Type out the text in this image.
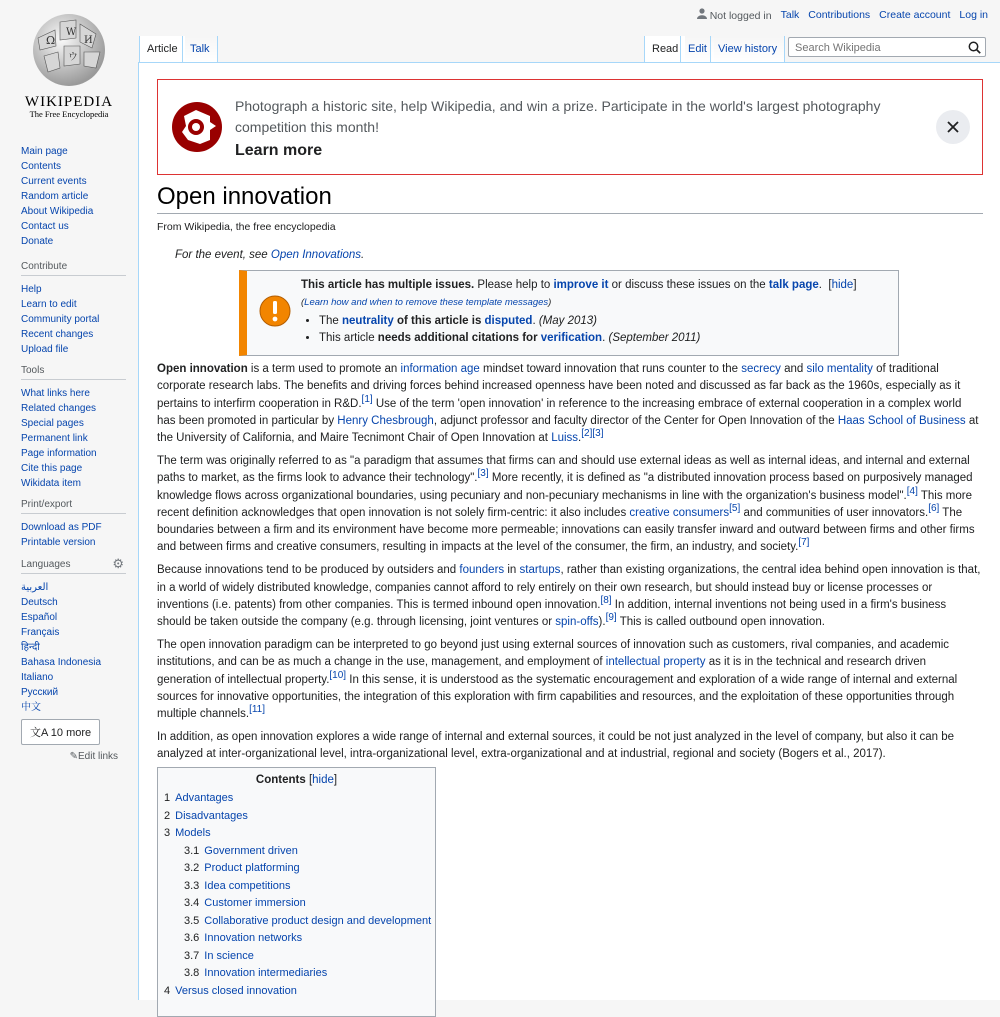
Ω
W
И
ウ
WIKIPEDIA
The Free Encyclopedia
Main page
Contents
Current events
Random article
About Wikipedia
Contact us
Donate
Contribute
Help
Learn to edit
Community portal
Recent changes
Upload file
Tools
What links here
Related changes
Special pages
Permanent link
Page information
Cite this page
Wikidata item
Print/export
Download as PDF
Printable version
Languages	⚙
العربية
Deutsch
Español
Français
हिन्दी
Bahasa Indonesia
Italiano
Русский
中文
文A 10 more
✎Edit links
Not logged in Talk Contributions Create account Log in
Article	Talk	Read Edit	View history
Search Wikipedia
Photograph a historic site, help Wikipedia, and win a prize. Participate in the world's largest photography competition this month!
Learn more
Open innovation
From Wikipedia, the free encyclopedia
For the event, see Open Innovations.
This article has multiple issues. Please help to improve it or discuss these issues on the talk page.  [hide]
(Learn how and when to remove these template messages)
• The neutrality of this article is disputed. (May 2013)
• This article needs additional citations for verification. (September 2011)

Open innovation is a term used to promote an information age mindset toward innovation that runs counter to the secrecy and silo mentality of traditional corporate research labs. The benefits and driving forces behind increased openness have been noted and discussed as far back as the 1960s, especially as it pertains to interfirm cooperation in R&D.[1] Use of the term 'open innovation' in reference to the increasing embrace of external cooperation in a complex world has been promoted in particular by Henry Chesbrough, adjunct professor and faculty director of the Center for Open Innovation of the Haas School of Business at the University of California, and Maire Tecnimont Chair of Open Innovation at Luiss.[2][3]

The term was originally referred to as "a paradigm that assumes that firms can and should use external ideas as well as internal ideas, and internal and external paths to market, as the firms look to advance their technology".[3] More recently, it is defined as "a distributed innovation process based on purposively managed knowledge flows across organizational boundaries, using pecuniary and non-pecuniary mechanisms in line with the organization's business model".[4] This more recent definition acknowledges that open innovation is not solely firm-centric: it also includes creative consumers[5] and communities of user innovators.[6] The boundaries between a firm and its environment have become more permeable; innovations can easily transfer inward and outward between firms and other firms and between firms and creative consumers, resulting in impacts at the level of the consumer, the firm, an industry, and society.[7]

Because innovations tend to be produced by outsiders and founders in startups, rather than existing organizations, the central idea behind open innovation is that, in a world of widely distributed knowledge, companies cannot afford to rely entirely on their own research, but should instead buy or license processes or inventions (i.e. patents) from other companies. This is termed inbound open innovation.[8] In addition, internal inventions not being used in a firm's business should be taken outside the company (e.g. through licensing, joint ventures or spin-offs).[9] This is called outbound open innovation.

The open innovation paradigm can be interpreted to go beyond just using external sources of innovation such as customers, rival companies, and academic institutions, and can be as much a change in the use, management, and employment of intellectual property as it is in the technical and research driven generation of intellectual property.[10] In this sense, it is understood as the systematic encouragement and exploration of a wide range of internal and external sources for innovative opportunities, the integration of this exploration with firm capabilities and resources, and the exploitation of these opportunities through multiple channels.[11]

In addition, as open innovation explores a wide range of internal and external sources, it could be not just analyzed in the level of company, but also it can be analyzed at inter-organizational level, intra-organizational level, extra-organizational and at industrial, regional and society (Bogers et al., 2017).

Contents [hide]
1 Advantages
2 Disadvantages
3 Models
3.1 Government driven
3.2 Product platforming
3.3 Idea competitions
3.4 Customer immersion
3.5 Collaborative product design and development
3.6 Innovation networks
3.7 In science
3.8 Innovation intermediaries
4 Versus closed innovation
